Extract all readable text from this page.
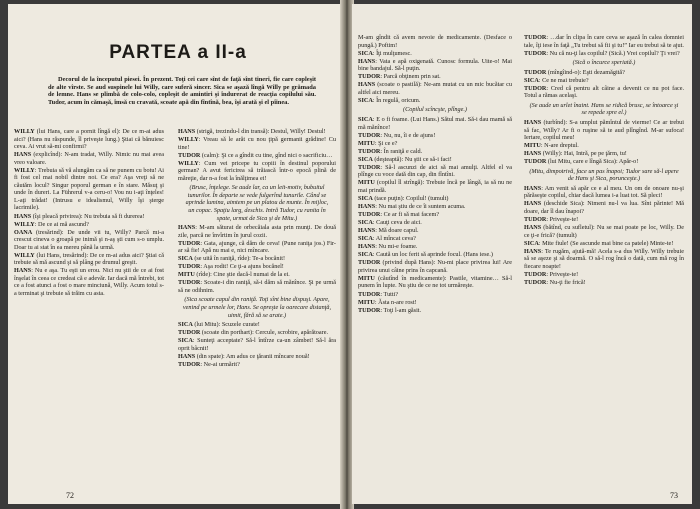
PARTEA a II-a

Decorul de la începutul piesei. În prezent. Toţi cei care sînt de faţă sînt tineri, fie care copleşit de alte vîrste. Se aud suspinele lui Willy, care suferă sincer. Sica se aşază lîngă Willy pe grămada de lemne. Hans se plimbă de colo-colo, copleşit de amintiri şi îndurerat de reacţia copilului său. Tudor, acum în cămaşă, îmsă cu cravată, scoate apă din fîntînă, bea, îşi arată şi el pîinea.

WILLY (lui Hans, care a pornit lîngă el): De ce m-ai adus aici? (Hans nu răspunde, îl priveşte lung.) Ştiai că bănuiesc ceva. Ai vrut să-mi confirmi?

HANS (explicînd): N-am tradat, Willy. Nimic nu mai avea vreo valoare.

WILLY: Trebuia să vă alungăm ca să ne punem cu botu! Ai fi fost cel mai nobil dintre noi. Ce era? Aşa vreţi să ne căutăm locul? Singur poporul german e în stare. Măsuţ şi unde în dureri. La Führerul v-a ceru-o! Vou nu i-aţi înţeles! L-aţi trădat! (Intrusu e idealismul, Willy îşi şterge lacrimile).

HANS (îşi pleacă privirea): Nu trebuia să fi durerea!

WILLY: De ce ai mă ascund?

OANA (tresărind): De unde vii tu, Willy? Parcă mi-a crescut cineva o groapă pe inimă şi n-aş şti cum s-o umplu. Doar tu ai stat în ea mereu până la urmă.

WILLY (lui Hans, tresărind): De ce m-ai adus aici? Ştiai că trebuie să mă ascund şi să plâng pe drumul greşit.

HANS: Nu e aşa. Tu eşti un erou. Nici nu ştii de ce ai fost înşelat în ceea ce credeai că e adevăr. Iar dacă mă întrebi, tot ce a fost atunci a fost o mare minciună, Willy. Acum totul s-a terminat şi trebuie să trăim cu asta.

HANS (strigă, trezindu-l din transă): Destul, Willy! Destul!

WILLY: Vreau să le arăt cu nou ţipă germanii grădine! Cu tine!

TUDOR (calm): Şi ce a gîndit cu tine, gînd nici o sacrificiu…

WILLY: Cum vei pricepe tu copiii în destinul poporului german? A avut fericirea să trăiască într-o epocă plină de măreţie, dar n-a fost la înălţimea ei!

(Brusc, înţelege. Se aude lar, ca un leit-motiv, bubuitul tunurilor. În departe se vede fulgerînd tunurile. Când se aprinde lumina, aimtem pe un platou de munte. În mijloc, un copac. Spaţiu larg, deschis. Intră Tudor, cu ranita în spate, urmat de Sica şi de Mitu.)

HANS: M-am săturat de orbecăiala asta prin munţi. De două zile, parcă ne învîrtim în jurul cozii.

TUDOR: Gata, ajunge, că dăm de ceva! (Pune raniţa jos.) Fir-ar să fie! Apă nu mai e, nici mîncare.

SICA (se uită în raniţă, rîde): Te-a bocănit!

TUDOR: Aşa rodit! Ce ţi-a ajuns bocănel!

MITU (rîde): Cine ştie dacă-l numai de la ei.

TUDOR: Scoate-i din raniţă, să-i dăm să mănînce. Şi pe urmă să ne odihnim.

(Sica scoate capul din raniţă. Toţi sînt bine dispuşi. Apare, venind pe urmele lor, Hans. Se opreşte la oarecare distanţă, uimit, fără să se arate.)

SICA (lui Mitu): Scuzele curate!

TUDOR (scoate din porthart): Cercule, scrobire, apărătoare.

SICA: Sunteţi acceptate? Să-l întîrze ca-un zâmbet! Să-l ăra oprit bâcnit!

HANS (din spate): Am adus ce ţăranii mîncare nouă!

TUDOR: Ne-ai urmărit?

72

M-am gîndit că avem nevoie de medicamente. (Desface o pungă.) Poftim!

SICA: Îţi mulţumesc.

HANS: Vata e apă oxigenată. Cunosc formula. Uite-o! Mai bine bandajul. Să-l puţin.

TUDOR: Parcă obţinem prin sat.

HANS (scoate o pastilă): Ne-am mutat cu un mic bucătar cu altfel aici mereu.

SICA: În regulă, oricum.

(Copilul scîncşte, plînge.)

SICA: E o fi foame. (Lui Hans.) Sătul mai. Să-i dau mamă să mă mănînce!

TUDOR: Nu, nu, îi e de ajuns!

MITU: Şi ce e?

TUDOR: În raniţă e cald.

SICA (deşteaptă): Nu ştii ce să-i faci!

TUDOR: Să-l ascunzi de aici să mai amulţi. Altfel el va plînge cu voce dată din cap, din fîntîni.

MITU (copilul îl strîngă): Trebuie încă pe lângă, ia să nu ne mai prindă.

SICA (tace puţin): Copilul! (tumult)

HANS: Nu mai ştiu de ce îi suntem acuma.

TUDOR: Ce ar fi să mai facem?

SICA: Cauţi ceva de aici.

HANS: Mă doare capul.

SICA: Al mîncat ceva?

HANS: Nu mi-e foame.

SICA: Caută un loc ferit să aprinde focul. (Hans iese.)

TUDOR (privind după Hans): Nu-mi place privirea lui! Are privirea unui câine prins în capcană.

MITU (căutînd în medicamente): Pastile, vitamine… Să-l punem în lupte. Nu ştiu de ce ne tot urmăreşte.

TUDOR: Tutti?

MITU: Ăsta n-are rost!

TUDOR: Toţi l-am găsit.

TUDOR: …dar în clipa în care ceva se aşază în calea domniei tale, îţi iese în faţă „Tu trebui să fii şi tu!” Iar eu trebui să te ajut.

TUDOR: Nu că nu-ţi las copilul? (Sică.) Vrei copilul? Ţi vrei?

(Sică o încurce speriată.)

TUDOR (mîngîind-o): Eşti dezamăgită?

SICA: Ce ne mai trebuie?

TUDOR: Cred că pentru alt câine a devenit ce nu pot face. Totul a rămas acelaşi.

(Se aude un urlet înaint. Hans se ridică brusc, se întoarce şi se repede spre el.)

HANS (turbînd): S-a umplut pămîntul de vierme! Ce ar trebui să fac, Willy? Ar fi o ruşine să te aud plîngînd. M-ar sufoca! Iertare, copilul meu!

MITU: N-are dreptul.

HANS (Willy): Hai, Intră, pe pe ţărm, tu!

TUDOR (lui Mitu, care e lîngă Sica): Apăr-o!

(Mitu, dimpotrivă, face un pas înapoi; Tudor sare să-l apere de Hans şi Sica, porunceşte.)

HANS: Am venit să apăr ce e al meu. Un om de onoare nu-şi părăseşte copilul, chiar dacă lumea i-a luat tot. Să pleci!

HANS (deschide Sica): Nimeni nu-l va lua. Sînt părinte! Mă doare, dar îl dau înapoi?

TUDOR: Priveşte-te!

HANS (bătînd, cu sufletul): Nu se mai poate pe loc, Willy. De ce ţi-e frică? (tumult)

SICA: Mite fiule! (Se ascunde mai bine ca patele) Minte-te!

HANS: Te rugăm, ajută-mă! Acela s-a dus Willy. Willy trebuie să se aşeze şi să doarmă. O să-l rog încă o dată, cum mă rog în fiecare noapte!

TUDOR: Priveşte-te!

TUDOR: Nu-ţi fie frică!

73
